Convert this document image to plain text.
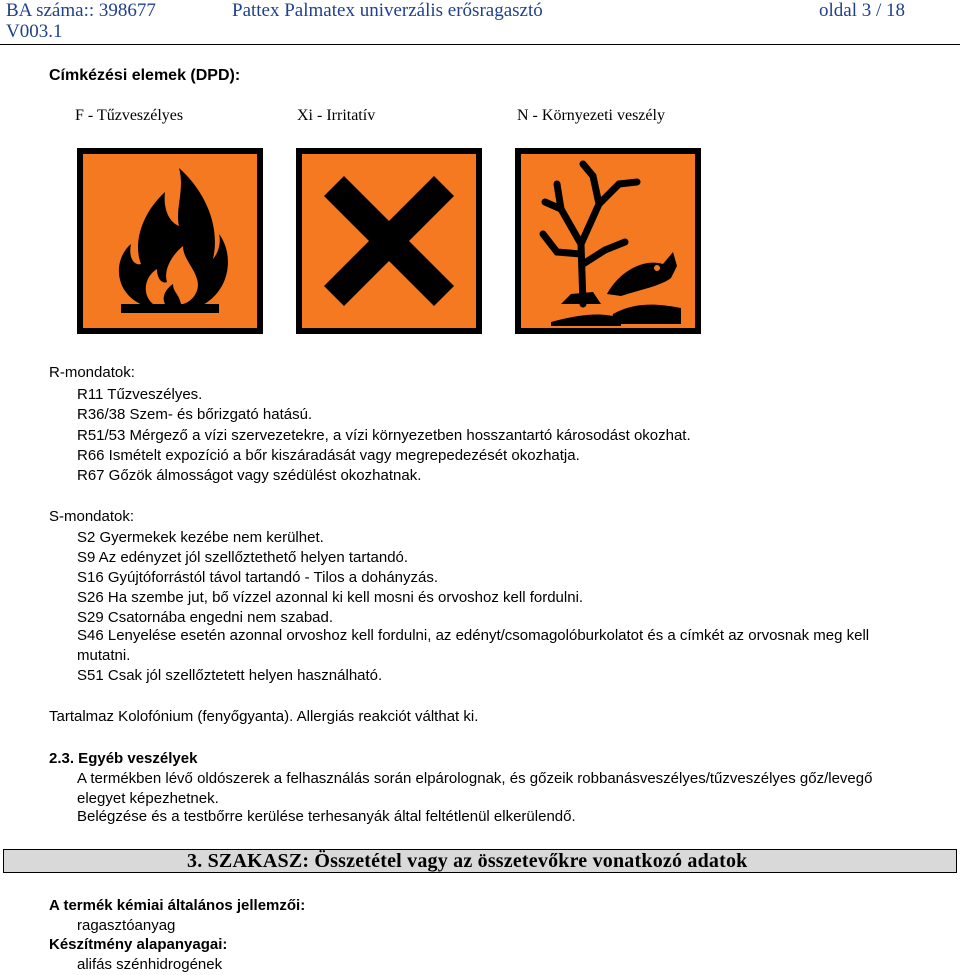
BA száma:: 398677	Pattex Palmatex univerzális erősragasztó	oldal 3 / 18
V003.1
Címkézési elemek (DPD):
F - Tűzveszélyes	Xi - Irritatív	N - Környezeti veszély
R-mondatok:
R11 Tűzveszélyes.
R36/38 Szem- és bőrizgató hatású.
R51/53 Mérgező a vízi szervezetekre, a vízi környezetben hosszantartó károsodást okozhat.
R66 Ismételt expozíció a bőr kiszáradását vagy megrepedezését okozhatja.
R67 Gőzök álmosságot vagy szédülést okozhatnak.
S-mondatok:
S2 Gyermekek kezébe nem kerülhet.
S9 Az edényzet jól szellőztethető helyen tartandó.
S16 Gyújtóforrástól távol tartandó - Tilos a dohányzás.
S26 Ha szembe jut, bő vízzel azonnal ki kell mosni és orvoshoz kell fordulni.
S29 Csatornába engedni nem szabad.
S46 Lenyelése esetén azonnal orvoshoz kell fordulni, az edényt/csomagolóburkolatot és a címkét az orvosnak meg kell
mutatni.
S51 Csak jól szellőztetett helyen használható.
Tartalmaz Kolofónium (fenyőgyanta). Allergiás reakciót válthat ki.
2.3. Egyéb veszélyek
A termékben lévő oldószerek a felhasználás során elpárolognak, és gőzeik robbanásveszélyes/tűzveszélyes gőz/levegő
elegyet képezhetnek.
Belégzése és a testbőrre kerülése terhesanyák által feltétlenül elkerülendő.
3. SZAKASZ: Összetétel vagy az összetevőkre vonatkozó adatok
A termék kémiai általános jellemzői:
ragasztóanyag
Készítmény alapanyagai:
alifás szénhidrogének
